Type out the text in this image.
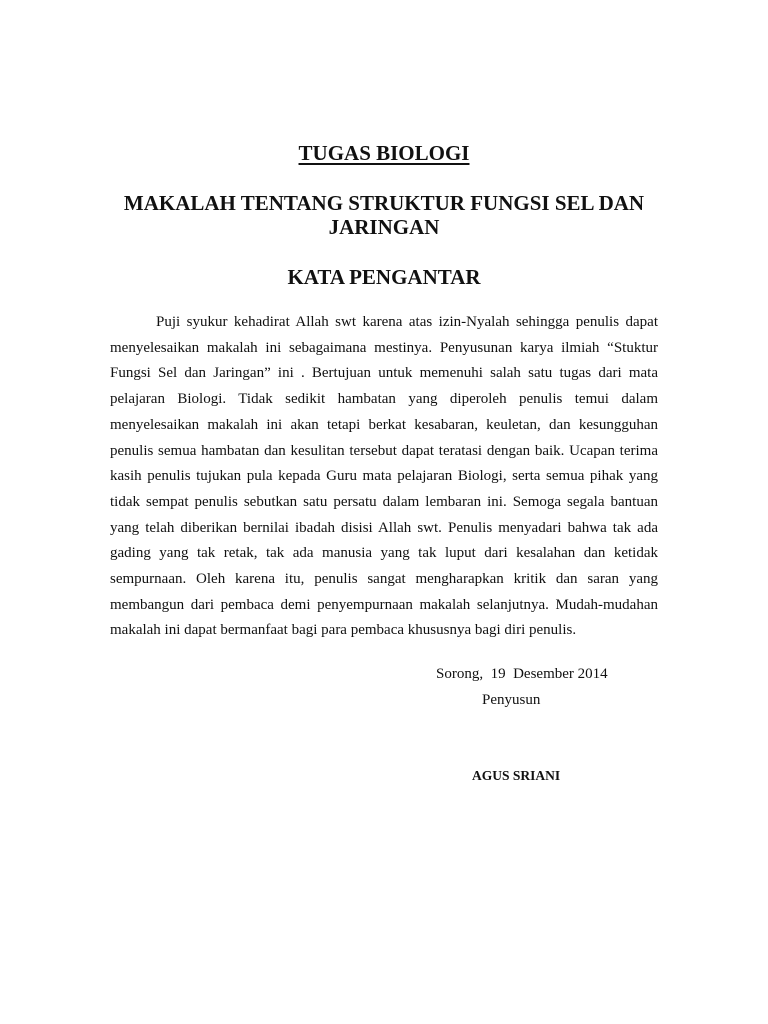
TUGAS BIOLOGI
MAKALAH TENTANG STRUKTUR FUNGSI SEL DAN JARINGAN
KATA PENGANTAR

Puji syukur kehadirat Allah swt karena atas izin-Nyalah sehingga penulis dapat menyelesaikan makalah ini sebagaimana mestinya. Penyusunan karya ilmiah “Stuktur Fungsi Sel dan Jaringan” ini . Bertujuan untuk memenuhi salah satu tugas dari mata pelajaran Biologi. Tidak sedikit hambatan yang diperoleh penulis temui dalam menyelesaikan makalah ini akan tetapi berkat kesabaran, keuletan, dan kesungguhan penulis semua hambatan dan kesulitan tersebut dapat teratasi dengan baik. Ucapan terima kasih penulis tujukan pula kepada Guru mata pelajaran Biologi, serta semua pihak yang tidak sempat penulis sebutkan satu persatu dalam lembaran ini. Semoga segala bantuan yang telah diberikan bernilai ibadah disisi Allah swt. Penulis menyadari bahwa tak ada gading yang tak retak, tak ada manusia yang tak luput dari kesalahan dan ketidak sempurnaan. Oleh karena itu, penulis sangat mengharapkan kritik dan saran yang membangun dari pembaca demi penyempurnaan makalah selanjutnya. Mudah-mudahan makalah ini dapat bermanfaat bagi para pembaca khususnya bagi diri penulis.

Sorong,  19  Desember 2014

Penyusun

AGUS SRIANI
